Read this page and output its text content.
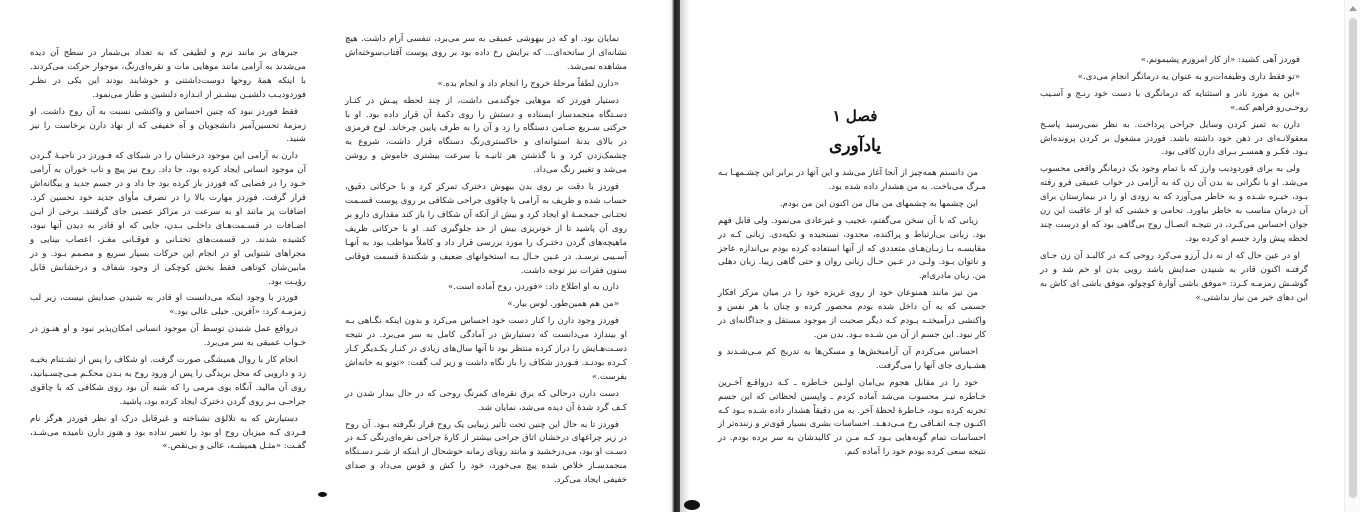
جبرهای بر مانند نرم و لطیفی که به تعداد بی‌شمار در سطح آن دیده می‌شدند به آرامی مانند موهایی مات و نقره‌ای‌رنگ، موجوار حرکت می‌کردند. با اینکه همهٔ روحها دوست‌داشتنی و خوشایند بودند این یکی در نظـر فوردودیـب دلشیـن بیشـتر از انـدازه دلنشین و طناز می‌نمود.

فقط فوردز نبود که چنین احساس و واکنشی نسبت به آن روح داشت. او زمزمهٔ تحسین‌آمیز دانشجویان و آه خفیفی که از نهاد دارن برخاست را نیز شنید.

دارن به آرامی این موجود درخشان را در شبکای که فـوردز در ناحیـهٔ گـردن آن موجود انسانی ایجاد کرده بود، جا داد. روح نیز پیچ و تاب خوران به آرامی خـود را در فضایی که فوردز باز کرده بود جا داد و در جسم جدید و بیگانه‌اش قرار گرفت. فوردز مهارت بالا را در تصرف مأوای جدید خود تحسین کرد. اضافات پر مانند او به سرعت در مراکز عصبی جای گرفتند. برخی از ایـن اضـافات در قسـمت‌هـای داخلـی بـدن، جایی که او قادر به دیدن آنها نبود، کشیده شدند. در قسمت‌های تختـانی و فوقـانی مغـز، اعصاب بینایی و مجراهای شنوایی او در انجام این حرکات بسیار سریع و مصمم بـود. و در مابین‌شان کوتاهی فقط بخش کوچکی از وجود شفاف و درخشانش قابل رؤیـت بود.

فوردز با وجود اینکه می‌دانست او قادر به شنیدن صدایش نیست، زیر لب زمزمـه کرد: «آفرین. خیلی عالی بود.»

درواقع عمل شنیدن توسط آن موجود انسانی امکان‌پذیر نبود و او هنـوز در خـواب عمیقی به سر می‌برد.

انجام کار با روال همیشگی صورت گرفت. او شکاف را پس از تشـتنام بخیـه زد و دارویی که محل بریدگی را پس از ورود روح به بـدن محکـم مـی‌چسـبانید، روی آن مالید. آنگاه بوی مرمی را که شبه آن بود روی شکافی که با چاقوی جراحـی بـر روی گردن دخترک ایجاد کرده بود، پاشید.

دستیارش که به تلالؤی نشناخته و غیرقابل درک او نظر فوردز هرگز نام فـردی کـه میزبان روح او بود را تغییر نداده بود و هنوز دارن نامیده می‌شـد، گفـت: «مثـل همیشـه، عالی و بی‌نقص.»

نمایان بود. او که در بیهوشی عمیقی به سر می‌برد، تنفسی آرام داشت. هیچ نشانه‌ای از سانحه‌ای... که برایش رخ داده بود بر روی پوست آفتاب‌سوخته‌اش مشاهده نمی‌شد.

«دارن لطفاً مرحلهٔ خروج را انجام داد و انجام بده.»

دستیار فوردز که موهایی جوگندمی داشت، از چند لحظه پیـش در کنـار دسـتگاه منجمدساز ایستاده و دستش را روی دکمهٔ آن قرار داده بود. او با حرکتی سـریع ضـامن دستگاه را زد و آن را به طرف پایین چرخاند. لوح فرمزی در بالای بدنهٔ استوانه‌ای و خاکستری‌رنگ دستگاه قرار داشت، شروع به چشمک‌زدن کرد و با گذشتن هر ثانیـه با سرعت بیشتری خاموش و روشن می‌شد و تغییر رنگ می‌داد.

فوردز با دقت بر روی بدن بیهوش دخترک تمرکز کرد و با حرکاتی دقیق، حساب شده و ظریف به آرامی با چاقوی جراحی شکافی بر روی پوست قسـمت تحتـانی جمجمـهٔ او ایجاد کرد و بیش از آنکه آن شکاف را باز کند مقداری دارو بر روی آن پاشید تا از خونریزی بیش از حد جلوگیری کند. او با حرکاتی ظریف ماهیچه‌های گردن دختـرک را مورد بررسی قرار داد و کاملاً مواظب بود به آنهـا آسـیبی نرسـد. در عـین حـال بـه استخوانهای ضعیف و شکنندهٔ قسمت فوقانی ستون فقرات نیز توجه داشت.

دارن به او اطلاع داد: «فوردز، روح آماده است.»

«من هم همین‌طور. لوس بیار.»

فوردز وجود دارن را کنار دست خود احساس می‌کرد و بدون اینکه نگـاهی بـه او بیندازد می‌دانست که دستیارش در آمادگی کامل به سر می‌برد. در نتیجه دسـت‌هـایش را دراز کرده منتظر بود تا آنها سال‌های زیادی در کنـار یکـدیگر کـار کـرده بودنـد. فـوردز شکاف را باز نگاه داشت و زیر لب گفت: «تونو به خانه‌اش بفرست.»

دست دارن درحالی که برق نقره‌ای کمرنگ روحی که در حال بیدار شدن در کـف گرد شدهٔ آن دیده می‌شد، نمایان شد.

فوردز تا به حال این چنین تحت تأثیر زیبایی یک روح قرار نگرفته بـود. آن روح در زیر چراغهای درخشان اتاق جراحی بیشتر از کارهٔ جراحی نقره‌ای‌رنگی کـه در دسـت او بود، می‌درخشید و مانند رویای زمانه خوشحال از اینکه از شـر دسـتگاه منجمدسـاز خلاص شده پیچ می‌خورد، خود را کش و قوس می‌داد و صدای خفیفی ایجاد می‌کرد.

فصل ۱
یادآوری

من دانستم همه‌چیز از آنجا آغاز می‌شد و این آنها در برابر این چشـمهـا بـه مـرگ می‌باخت. به من هشدار داده شده بود.

این چشمها به چشمهای من مال من اکنون این من بودم.

زیانی که با آن سخن می‌گفتم، عجیب و غیرعادی می‌نمود. ولی قابل فهم بود. زبانی بی‌ارتباط و پراکنده، محدود، نسنجیده و تکیه‌دی. زبانی کـه در مقایسـه بـا زبـان‌هـای متعددی که از آنها استفاده کرده بودم بی‌اندازه عاجز و ناتوان بـود. ولـی در عـین حـال زبانی روان و حتی گاهی زیبا. زبان دهلی من. زبان مادری‌ام.

من نیز مانند همنوعان خود از روی غریزه خود را در میان مرکز افکار جسمی که به آن داخل شده بودم محصور کرده و چنان با هر نفس و واکنشی درآمیختـه بـودم کـه دیگر صحبت از موجود مستقل و جداگانه‌ای در کار نبود. این جسم از آن من شـده بـود. بدن من.

احساس می‌کردم آن آرامبخش‌ها و مسکن‌ها به تدریج کم مـی‌شـدند و هشـیاری جای آنها را می‌گرفت.

خود را در مقابل هجوم بی‌امان اولـین خـاطره ـ کـه درواقـع آخـرین خـاطره نیـز محسوب می‌شد آماده کردم ـ واپسین لحظاتی که این جسم تجربه کرده بـود، خـاطرهٔ لحظهٔ آخر. به من دقیقاً هشدار داده شـده بـود کـه اکنـون چـه اتفـاقی رخ مـی‌دهـد. احساسات بشری بسیار قوی‌تر و زننده‌تر از احساسات تمام گونه‌هایی بـود کـه مـن در کالبدشان به سر برده بودم. در نتیجه سعی کرده بودم خود را آماده کنم.

فوردز آهی کشید: «از کار امروزم پشیمونم.»

«تو فقط داری وظیفه‌ات‌رو به عنوان یه درمانگر انجام می‌دی.»

«این یه مورد نادر و استثنایه که درمانگری با دست خود رنـج و آسـیب روحـی‌رو فراهم کنه.»

دارن به تمیز کردن وسایل جراحی پرداخت. به نظر نمی‌رسید پاسـخ معقولانـه‌ای در ذهن خود داشته باشد. فوردز مشغول بر کردن پرونده‌اش بـود. فکـر و همسـر بـرای دارن کافی بود.

ولی به برای فوردودیب وارز که با تمام وجود یک درمانگر واقعی محسوب می‌شد. او با نگرانی به بدن آن زن که به آرامی در خواب عمیقی فرو رفته بـود، خیـره شـده و به خاطر می‌آورد که به زودی او را در بیمارستان برای آن درمان مناسب به خاطر بیاورد. تحامی و خشنی که او از عاقبت این زن جوان احساس می‌کـرد، در نتیجـه اتصـال روح بی‌گاهی بود که او درست چند لحظه پیش وارد جسم او کرده بود.

او در عین حال که از نه دل آرزو می‌کرد روحی کـه در کالبـد آن زن جـای گرفتـه اکنون قادر به شنیدن صدایش باشد رویی بدن او خم شد و در گوشـش زمزمـه کـرد: «موفق باشی آوارهٔ کوچولو، موفق باشی ای کاش به این دهای خیر من نیاز نداشتی.»
